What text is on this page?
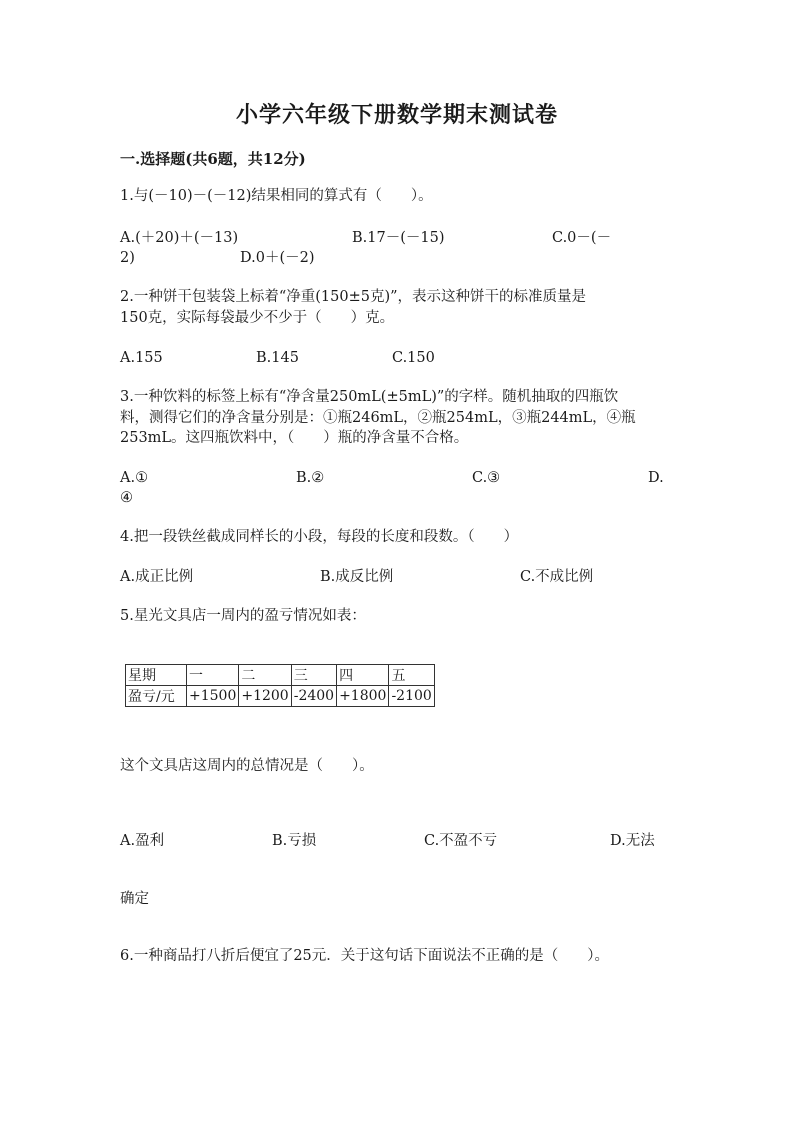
小学六年级下册数学期末测试卷
一.选择题(共6题，共12分)
1.与(－10)－(－12)结果相同的算式有（　　）。
A.(＋20)＋(－13)	B.17－(－15)	C.0－(－
2)	D.0＋(－2)
2.一种饼干包装袋上标着“净重(150±5克)”，表示这种饼干的标准质量是
150克，实际每袋最少不少于（　　）克。
A.155	B.145	C.150
3.一种饮料的标签上标有“净含量250mL(±5mL)”的字样。随机抽取的四瓶饮
料，测得它们的净含量分别是：①瓶246mL，②瓶254mL，③瓶244mL，④瓶
253mL。这四瓶饮料中，（　　）瓶的净含量不合格。
A.①	B.②	C.③	D.
④
4.把一段铁丝截成同样长的小段，每段的长度和段数。（　　）
A.成正比例	B.成反比例	C.不成比例
5.星光文具店一周内的盈亏情况如表：
星期	一	二	三	四	五
盈亏/元	+1500	+1200	-2400	+1800	-2100
这个文具店这周内的总情况是（　　）。
A.盈利	B.亏损	C.不盈不亏	D.无法
确定
6.一种商品打八折后便宜了25元．关于这句话下面说法不正确的是（　　）。
